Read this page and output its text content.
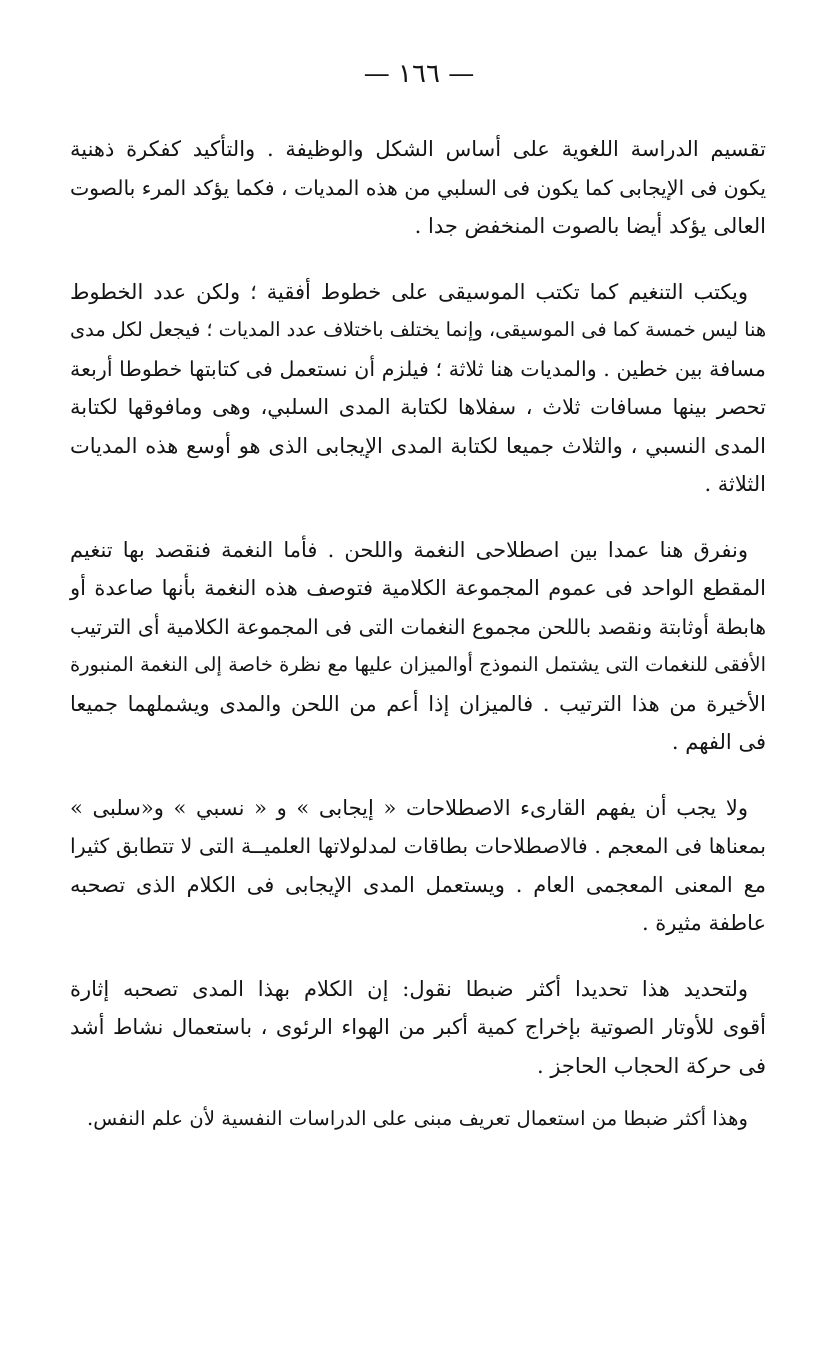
— ١٦٦ —
تقسيم الدراسة اللغوية على أساس الشكل والوظيفة . والتأكيد كفكرة ذهنية
يكون فى الإيجابى كما يكون فى السلبي من هذه المديات ، فكما يؤكد المرء بالصوت
العالى يؤكد أيضا بالصوت المنخفض جدا .
ويكتب التنغيم كما تكتب الموسيقى على خطوط أفقية ؛ ولكن عدد الخطوط
هنا ليس خمسة كما فى الموسيقى، وإنما يختلف باختلاف عدد المديات ؛ فيجعل لكل مدى
مسافة بين خطين . والمديات هنا ثلاثة ؛ فيلزم أن نستعمل فى كتابتها خطوطا أربعة
تحصر بينها مسافات ثلاث ، سفلاها لكتابة المدى السلبي، وهى ومافوقها لكتابة
المدى النسبي ، والثلاث جميعا لكتابة المدى الإيجابى الذى هو أوسع هذه المديات
الثلاثة .
ونفرق هنا عمدا بين اصطلاحى النغمة واللحن . فأما النغمة فنقصد بها تنغيم
المقطع الواحد فى عموم المجموعة الكلامية فتوصف هذه النغمة بأنها صاعدة أو
هابطة أوثابتة ونقصد باللحن مجموع النغمات التى فى المجموعة الكلامية أى الترتيب
الأفقى للنغمات التى يشتمل النموذج أوالميزان عليها مع نظرة خاصة إلى النغمة المنبورة
الأخيرة من هذا الترتيب . فالميزان إذا أعم من اللحن والمدى ويشملهما جميعا
فى الفهم .
ولا يجب أن يفهم القارىء الاصطلاحات « إيجابى » و « نسبي » و«سلبى »
بمعناها فى المعجم . فالاصطلاحات بطاقات لمدلولاتها العلميــة التى لا تتطابق كثيرا
مع المعنى المعجمى العام . ويستعمل المدى الإيجابى فى الكلام الذى تصحبه
عاطفة مثيرة .
ولتحديد هذا تحديدا أكثر ضبطا نقول: إن الكلام بهذا المدى تصحبه إثارة
أقوى للأوتار الصوتية بإخراج كمية أكبر من الهواء الرئوى ، باستعمال نشاط أشد
فى حركة الحجاب الحاجز .
وهذا أكثر ضبطا من استعمال تعريف مبنى على الدراسات النفسية لأن علم النفس.
